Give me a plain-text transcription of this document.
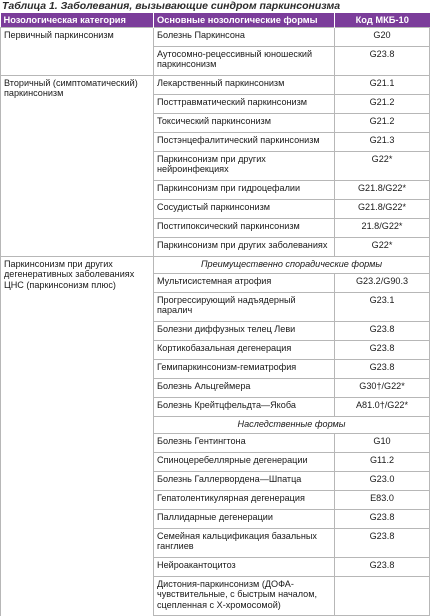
Таблица 1. Заболевания, вызывающие синдром паркинсонизма
Нозологическая категория	Основные нозологические формы	Код МКБ-10
Первичный паркинсонизм	Болезнь Паркинсона	G20
	Аутосомно-рецессивный юношеский паркинсонизм	G23.8
Вторичный (симптоматический) паркинсонизм	Лекарственный паркинсонизм	G21.1
	Посттравматический паркинсонизм	G21.2
	Токсический паркинсонизм	G21.2
	Постэнцефалитический паркинсонизм	G21.3
	Паркинсонизм при других нейроинфекциях	G22*
	Паркинсонизм при гидроцефалии	G21.8/G22*
	Сосудистый паркинсонизм	G21.8/G22*
	Постгипоксический паркинсонизм	21.8/G22*
	Паркинсонизм при других заболеваниях	G22*
Паркинсонизм при других дегенеративных заболеваниях ЦНС (паркинсонизм плюс)	Преимущественно спорадические формы	
	Мультисистемная атрофия	G23.2/G90.3
	Прогрессирующий надъядерный паралич	G23.1
	Болезни диффузных телец Леви	G23.8
	Кортикобазальная дегенерация	G23.8
	Гемипаркинсонизм-гемиатрофия	G23.8
	Болезнь Альцгеймера	G30†/G22*
	Болезнь Крейтцфельдта—Якоба	A81.0†/G22*
	Наследственные формы	
	Болезнь Гентингтона	G10
	Спиноцеребеллярные дегенерации	G11.2
	Болезнь Галлервордена—Шпатца	G23.0
	Гепатолентикулярная дегенерация	E83.0
	Паллидарные дегенерации	G23.8
	Семейная кальцификация базальных ганглиев	G23.8
	Нейроакантоцитоз	G23.8
	Дистония-паркинсонизм (ДОФА-чувствительные, с быстрым началом, сцепленная с Х-хромосомой)	
